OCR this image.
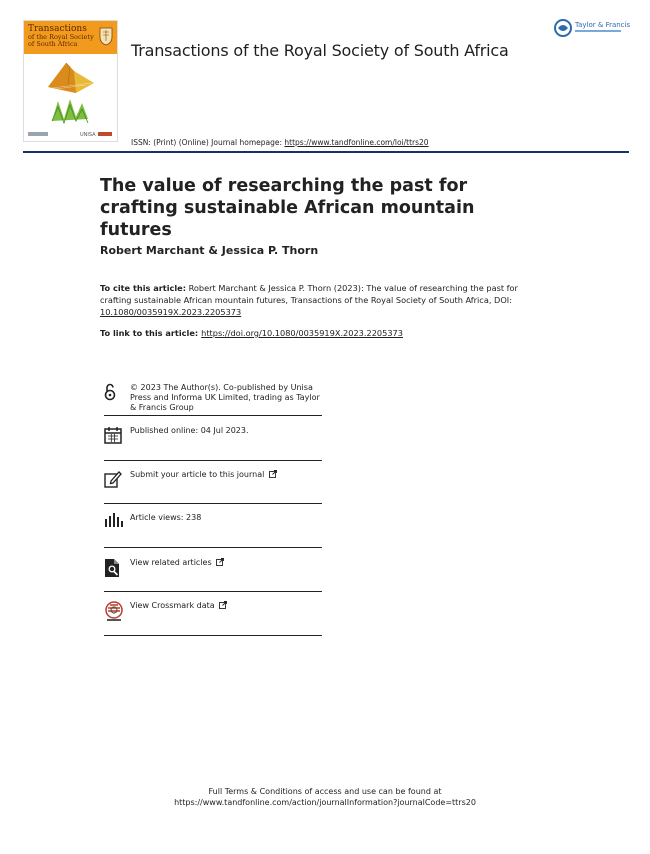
Transactions
of the Royal Society of South Africa
UNISA
Transactions of the Royal Society of South Africa
Taylor & Francis
ISSN: (Print) (Online) Journal homepage: https://www.tandfonline.com/loi/ttrs20
The value of researching the past for crafting sustainable African mountain futures
Robert Marchant & Jessica P. Thorn
To cite this article: Robert Marchant & Jessica P. Thorn (2023): The value of researching the past for crafting sustainable African mountain futures, Transactions of the Royal Society of South Africa, DOI: 10.1080/0035919X.2023.2205373
To link to this article: https://doi.org/10.1080/0035919X.2023.2205373
© 2023 The Author(s). Co-published by Unisa Press and Informa UK Limited, trading as Taylor & Francis Group
Published online: 04 Jul 2023.
Submit your article to this journal
Article views: 238
View related articles
View Crossmark data
Full Terms & Conditions of access and use can be found at
https://www.tandfonline.com/action/journalInformation?journalCode=ttrs20
